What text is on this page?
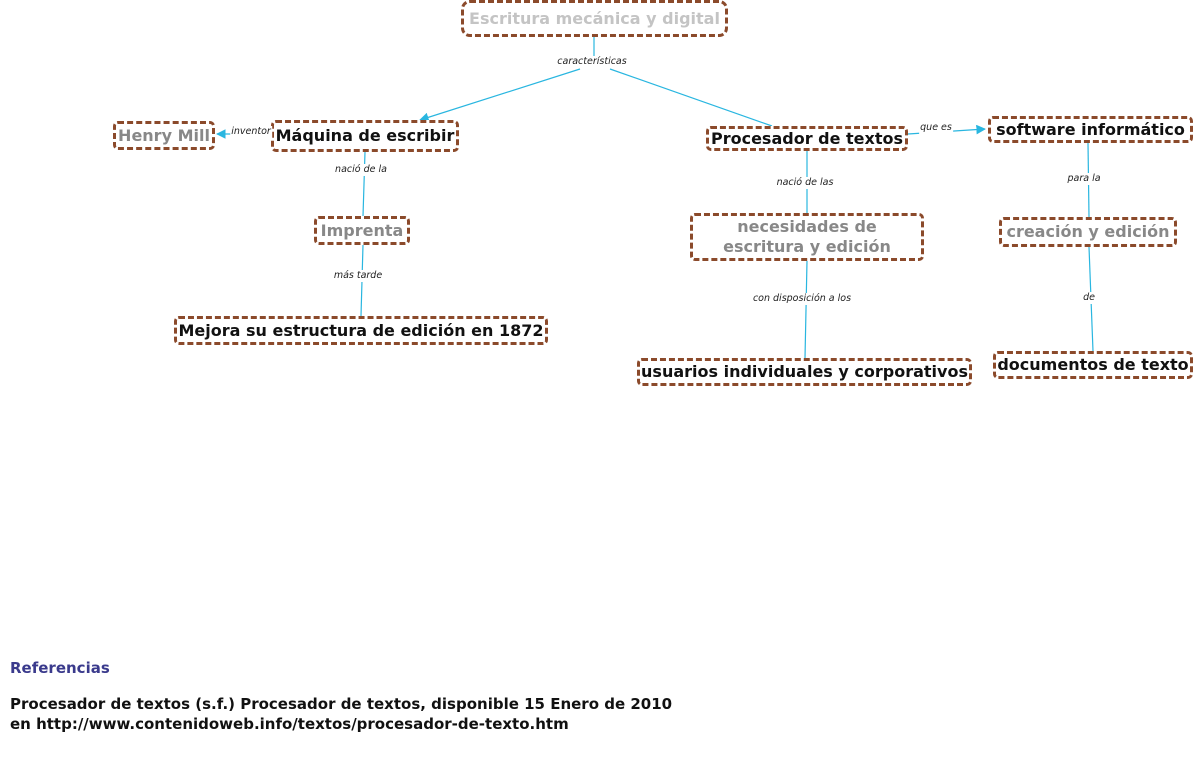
Escritura mecánica y digital
Máquina de escribir
Henry Mill
Imprenta
Mejora su estructura de edición en 1872
Procesador de textos	software informático
necesidades de escritura y edición
usuarios individuales y corporativos
creación y edición
documentos de texto
características
inventor
nació de la
más tarde
nació de las
que es
con disposición a los
para la
de

Referencias

Procesador de textos (s.f.) Procesador de textos, disponible 15 Enero de 2010

en http://www.contenidoweb.info/textos/procesador-de-texto.htm
